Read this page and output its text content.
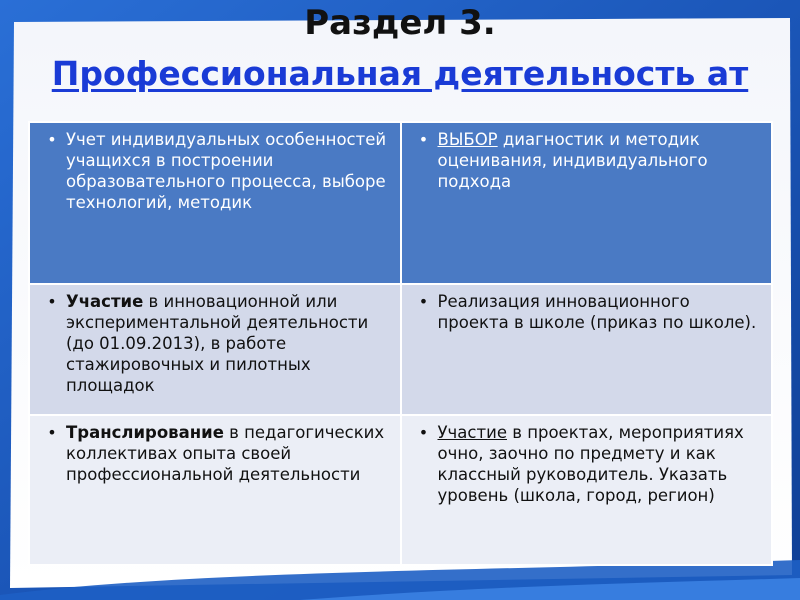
Раздел 3.
Профессиональная деятельность ат
• Учет индивидуальных особенностей учащихся в построении образовательного процесса, выборе технологий, методик	• ВЫБОР диагностик и методик оценивания, индивидуального подхода

• Участие в инновационной или экспериментальной деятельности (до 01.09.2013), в работе стажировочных и пилотных площадок	• Реализация инновационного проекта в школе (приказ по школе).

• Транслирование в педагогических коллективах опыта своей профессиональной деятельности	• Участие в проектах, мероприятиях очно, заочно по предмету и как классный руководитель. Указать уровень (школа, город, регион)
